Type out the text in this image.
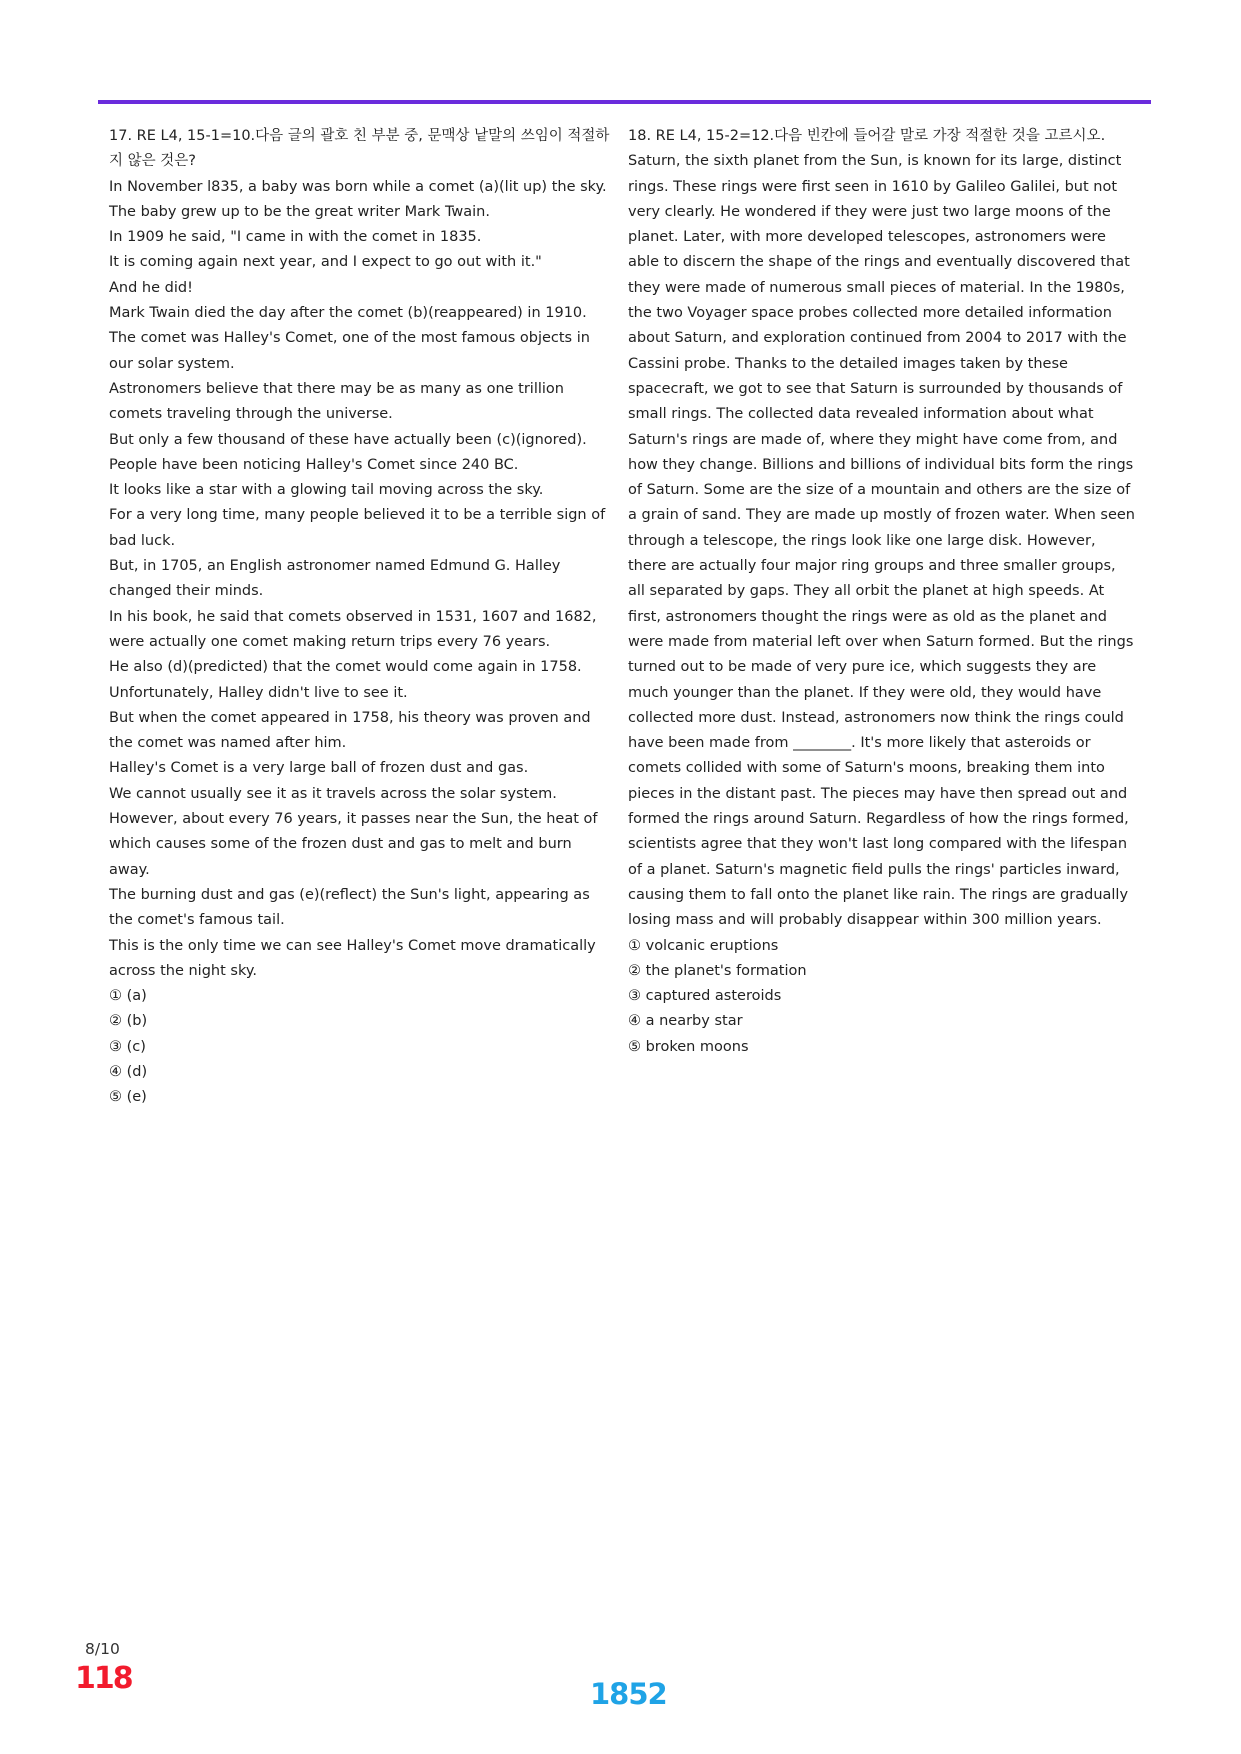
17. RE L4, 15-1=10.다음 글의 괄호 친 부분 중, 문맥상 낱말의 쓰임이 적절하지 않은 것은?

In November l835, a baby was born while a comet (a)(lit up) the sky.

The baby grew up to be the great writer Mark Twain.

In 1909 he said, "I came in with the comet in 1835.

It is coming again next year, and I expect to go out with it."

And he did!

Mark Twain died the day after the comet (b)(reappeared) in 1910.

The comet was Halley's Comet, one of the most famous objects in our solar system.

Astronomers believe that there may be as many as one trillion comets traveling through the universe.

But only a few thousand of these have actually been (c)(ignored).

People have been noticing Halley's Comet since 240 BC.

It looks like a star with a glowing tail moving across the sky.

For a very long time, many people believed it to be a terrible sign of bad luck.

But, in 1705, an English astronomer named Edmund G. Halley changed their minds.

In his book, he said that comets observed in 1531, 1607 and 1682, were actually one comet making return trips every 76 years.

He also (d)(predicted) that the comet would come again in 1758.

Unfortunately, Halley didn't live to see it.

But when the comet appeared in 1758, his theory was proven and the comet was named after him.

Halley's Comet is a very large ball of frozen dust and gas.

We cannot usually see it as it travels across the solar system.

However, about every 76 years, it passes near the Sun, the heat of which causes some of the frozen dust and gas to melt and burn away.

The burning dust and gas (e)(reflect) the Sun's light, appearing as the comet's famous tail.

This is the only time we can see Halley's Comet move dramatically across the night sky.

① (a)

② (b)

③ (c)

④ (d)

⑤ (e)

18. RE L4, 15-2=12.다음 빈칸에 들어갈 말로 가장 적절한 것을 고르시오.

Saturn, the sixth planet from the Sun, is known for its large, distinct rings. These rings were first seen in 1610 by Galileo Galilei, but not very clearly. He wondered if they were just two large moons of the planet. Later, with more developed telescopes, astronomers were able to discern the shape of the rings and eventually discovered that they were made of numerous small pieces of material. In the 1980s, the two Voyager space probes collected more detailed information about Saturn, and exploration continued from 2004 to 2017 with the Cassini probe. Thanks to the detailed images taken by these spacecraft, we got to see that Saturn is surrounded by thousands of small rings. The collected data revealed information about what Saturn's rings are made of, where they might have come from, and how they change. Billions and billions of individual bits form the rings of Saturn. Some are the size of a mountain and others are the size of a grain of sand. They are made up mostly of frozen water. When seen through a telescope, the rings look like one large disk. However, there are actually four major ring groups and three smaller groups, all separated by gaps. They all orbit the planet at high speeds. At first, astronomers thought the rings were as old as the planet and were made from material left over when Saturn formed. But the rings turned out to be made of very pure ice, which suggests they are much younger than the planet. If they were old, they would have collected more dust. Instead, astronomers now think the rings could have been made from ________. It's more likely that asteroids or comets collided with some of Saturn's moons, breaking them into pieces in the distant past. The pieces may have then spread out and formed the rings around Saturn. Regardless of how the rings formed, scientists agree that they won't last long compared with the lifespan of a planet. Saturn's magnetic field pulls the rings' particles inward, causing them to fall onto the planet like rain. The rings are gradually losing mass and will probably disappear within 300 million years.

① volcanic eruptions

② the planet's formation

③ captured asteroids

④ a nearby star

⑤ broken moons

8/10
118	1852
